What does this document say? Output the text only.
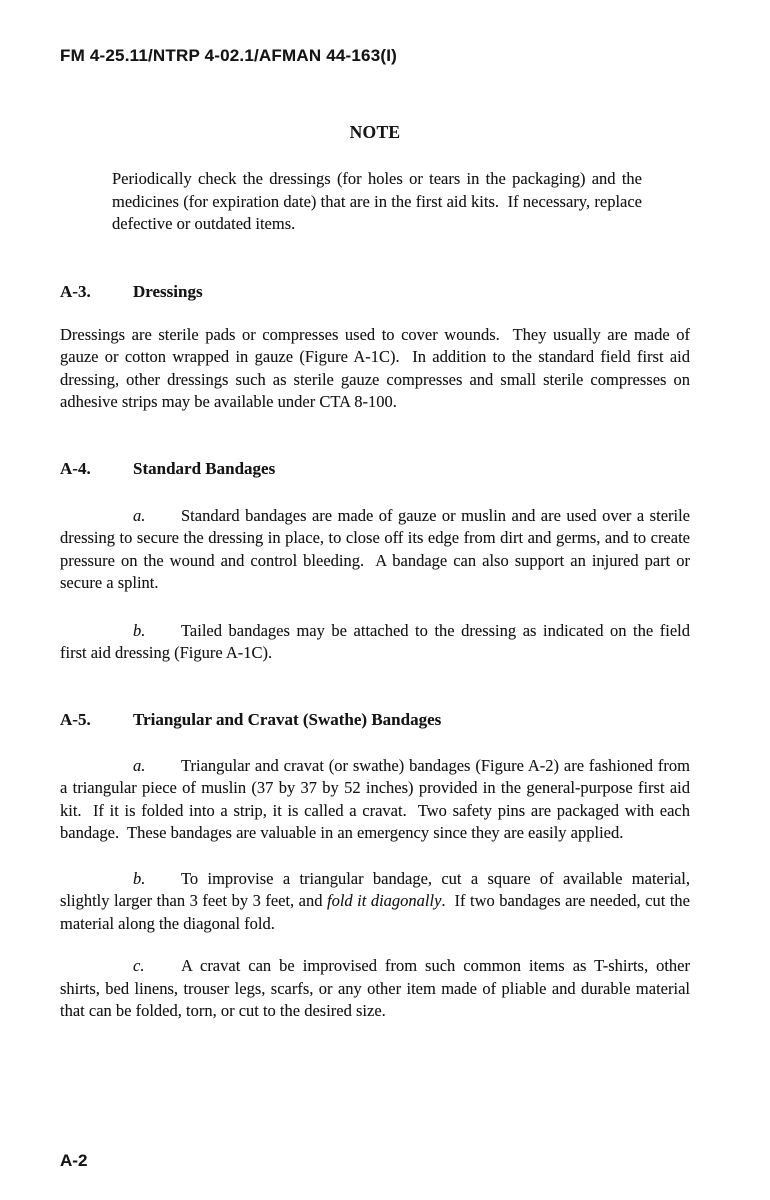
FM 4-25.11/NTRP 4-02.1/AFMAN 44-163(I)
NOTE

Periodically check the dressings (for holes or tears in the packaging) and the medicines (for expiration date) that are in the first aid kits.  If necessary, replace defective or outdated items.

A-3. Dressings

Dressings are sterile pads or compresses used to cover wounds.  They usually are made of gauze or cotton wrapped in gauze (Figure A-1C).  In addition to the standard field first aid dressing, other dressings such as sterile gauze compresses and small sterile compresses on adhesive strips may be available under CTA 8-100.

A-4. Standard Bandages

a. Standard bandages are made of gauze or muslin and are used over a sterile dressing to secure the dressing in place, to close off its edge from dirt and germs, and to create pressure on the wound and control bleeding.  A bandage can also support an injured part or secure a splint.

b. Tailed bandages may be attached to the dressing as indicated on the field first aid dressing (Figure A-1C).

A-5. Triangular and Cravat (Swathe) Bandages

a. Triangular and cravat (or swathe) bandages (Figure A-2) are fashioned from a triangular piece of muslin (37 by 37 by 52 inches) provided in the general-purpose first aid kit.  If it is folded into a strip, it is called a cravat.  Two safety pins are packaged with each bandage.  These bandages are valuable in an emergency since they are easily applied.

b. To improvise a triangular bandage, cut a square of available material, slightly larger than 3 feet by 3 feet, and fold it diagonally.  If two bandages are needed, cut the material along the diagonal fold.

c. A cravat can be improvised from such common items as T-shirts, other shirts, bed linens, trouser legs, scarfs, or any other item made of pliable and durable material that can be folded, torn, or cut to the desired size.

A-2
